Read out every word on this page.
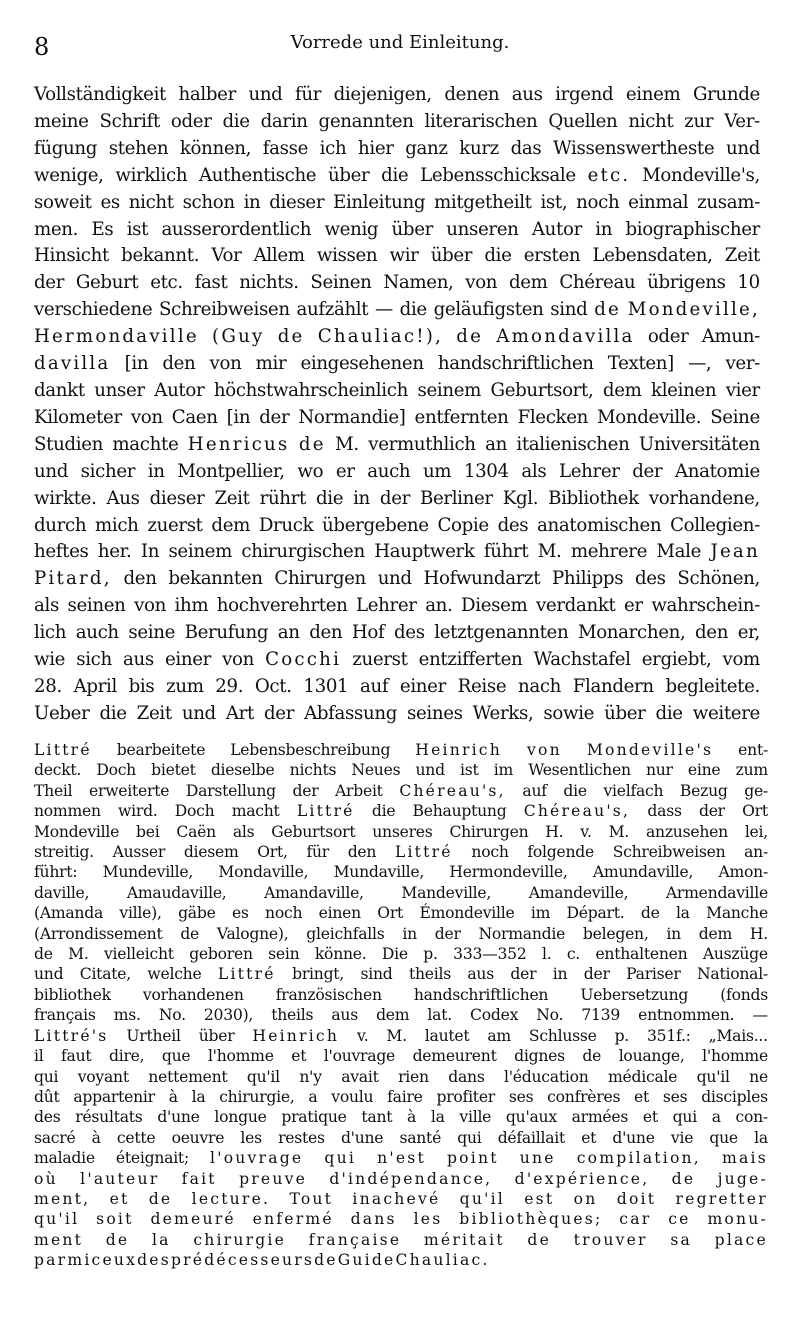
8	Vorrede und Einleitung.
Vollständigkeit halber und für diejenigen, denen aus irgend einem Grunde
meine Schrift oder die darin genannten literarischen Quellen nicht zur Ver-
fügung stehen können, fasse ich hier ganz kurz das Wissenswertheste und
wenige, wirklich Authentische über die Lebensschicksale etc. Mondeville's,
soweit es nicht schon in dieser Einleitung mitgetheilt ist, noch einmal zusam-
men. Es ist ausserordentlich wenig über unseren Autor in biographischer
Hinsicht bekannt. Vor Allem wissen wir über die ersten Lebensdaten, Zeit
der Geburt etc. fast nichts. Seinen Namen, von dem Chéreau übrigens 10
verschiedene Schreibweisen aufzählt — die geläufigsten sind de Mondeville,
Hermondaville (Guy de Chauliac!), de Amondavilla oder Amun-
davilla [in den von mir eingesehenen handschriftlichen Texten] —, ver-
dankt unser Autor höchstwahrscheinlich seinem Geburtsort, dem kleinen vier
Kilometer von Caen [in der Normandie] entfernten Flecken Mondeville. Seine
Studien machte Henricus de M. vermuthlich an italienischen Universitäten
und sicher in Montpellier, wo er auch um 1304 als Lehrer der Anatomie
wirkte. Aus dieser Zeit rührt die in der Berliner Kgl. Bibliothek vorhandene,
durch mich zuerst dem Druck übergebene Copie des anatomischen Collegien-
heftes her. In seinem chirurgischen Hauptwerk führt M. mehrere Male Jean
Pitard, den bekannten Chirurgen und Hofwundarzt Philipps des Schönen,
als seinen von ihm hochverehrten Lehrer an. Diesem verdankt er wahrschein-
lich auch seine Berufung an den Hof des letztgenannten Monarchen, den er,
wie sich aus einer von Cocchi zuerst entzifferten Wachstafel ergiebt, vom
28. April bis zum 29. Oct. 1301 auf einer Reise nach Flandern begleitete.
Ueber die Zeit und Art der Abfassung seines Werks, sowie über die weitere
Littré bearbeitete Lebensbeschreibung Heinrich von Mondeville's ent-
deckt. Doch bietet dieselbe nichts Neues und ist im Wesentlichen nur eine zum
Theil erweiterte Darstellung der Arbeit Chéreau's, auf die vielfach Bezug ge-
nommen wird. Doch macht Littré die Behauptung Chéreau's, dass der Ort
Mondeville bei Caën als Geburtsort unseres Chirurgen H. v. M. anzusehen lei,
streitig. Ausser diesem Ort, für den Littré noch folgende Schreibweisen an-
führt: Mundeville, Mondaville, Mundaville, Hermondeville, Amundaville, Amon-
daville, Amaudaville, Amandaville, Mandeville, Amandeville, Armendaville
(Amanda ville), gäbe es noch einen Ort Émondeville im Départ. de la Manche
(Arrondissement de Valogne), gleichfalls in der Normandie belegen, in dem H.
de M. vielleicht geboren sein könne. Die p. 333—352 l. c. enthaltenen Auszüge
und Citate, welche Littré bringt, sind theils aus der in der Pariser National-
bibliothek vorhandenen französischen handschriftlichen Uebersetzung (fonds
français ms. No. 2030), theils aus dem lat. Codex No. 7139 entnommen. —
Littré's Urtheil über Heinrich v. M. lautet am Schlusse p. 351f.: „Mais...
il faut dire, que l'homme et l'ouvrage demeurent dignes de louange, l'homme
qui voyant nettement qu'il n'y avait rien dans l'éducation médicale qu'il ne
dût appartenir à la chirurgie, a voulu faire profiter ses confrères et ses disciples
des résultats d'une longue pratique tant à la ville qu'aux armées et qui a con-
sacré à cette oeuvre les restes d'une santé qui défaillait et d'une vie que la
maladie éteignait; l'ouvrage qui n'est point une compilation, mais
où l'auteur fait preuve d'indépendance, d'expérience, de juge-
ment, et de lecture. Tout inachevé qu'il est on doit regretter
qu'il soit demeuré enfermé dans les bibliothèques; car ce monu-
ment de la chirurgie française méritait de trouver sa place
parmi ceux des prédécesseurs de Gui de Chauliac.
